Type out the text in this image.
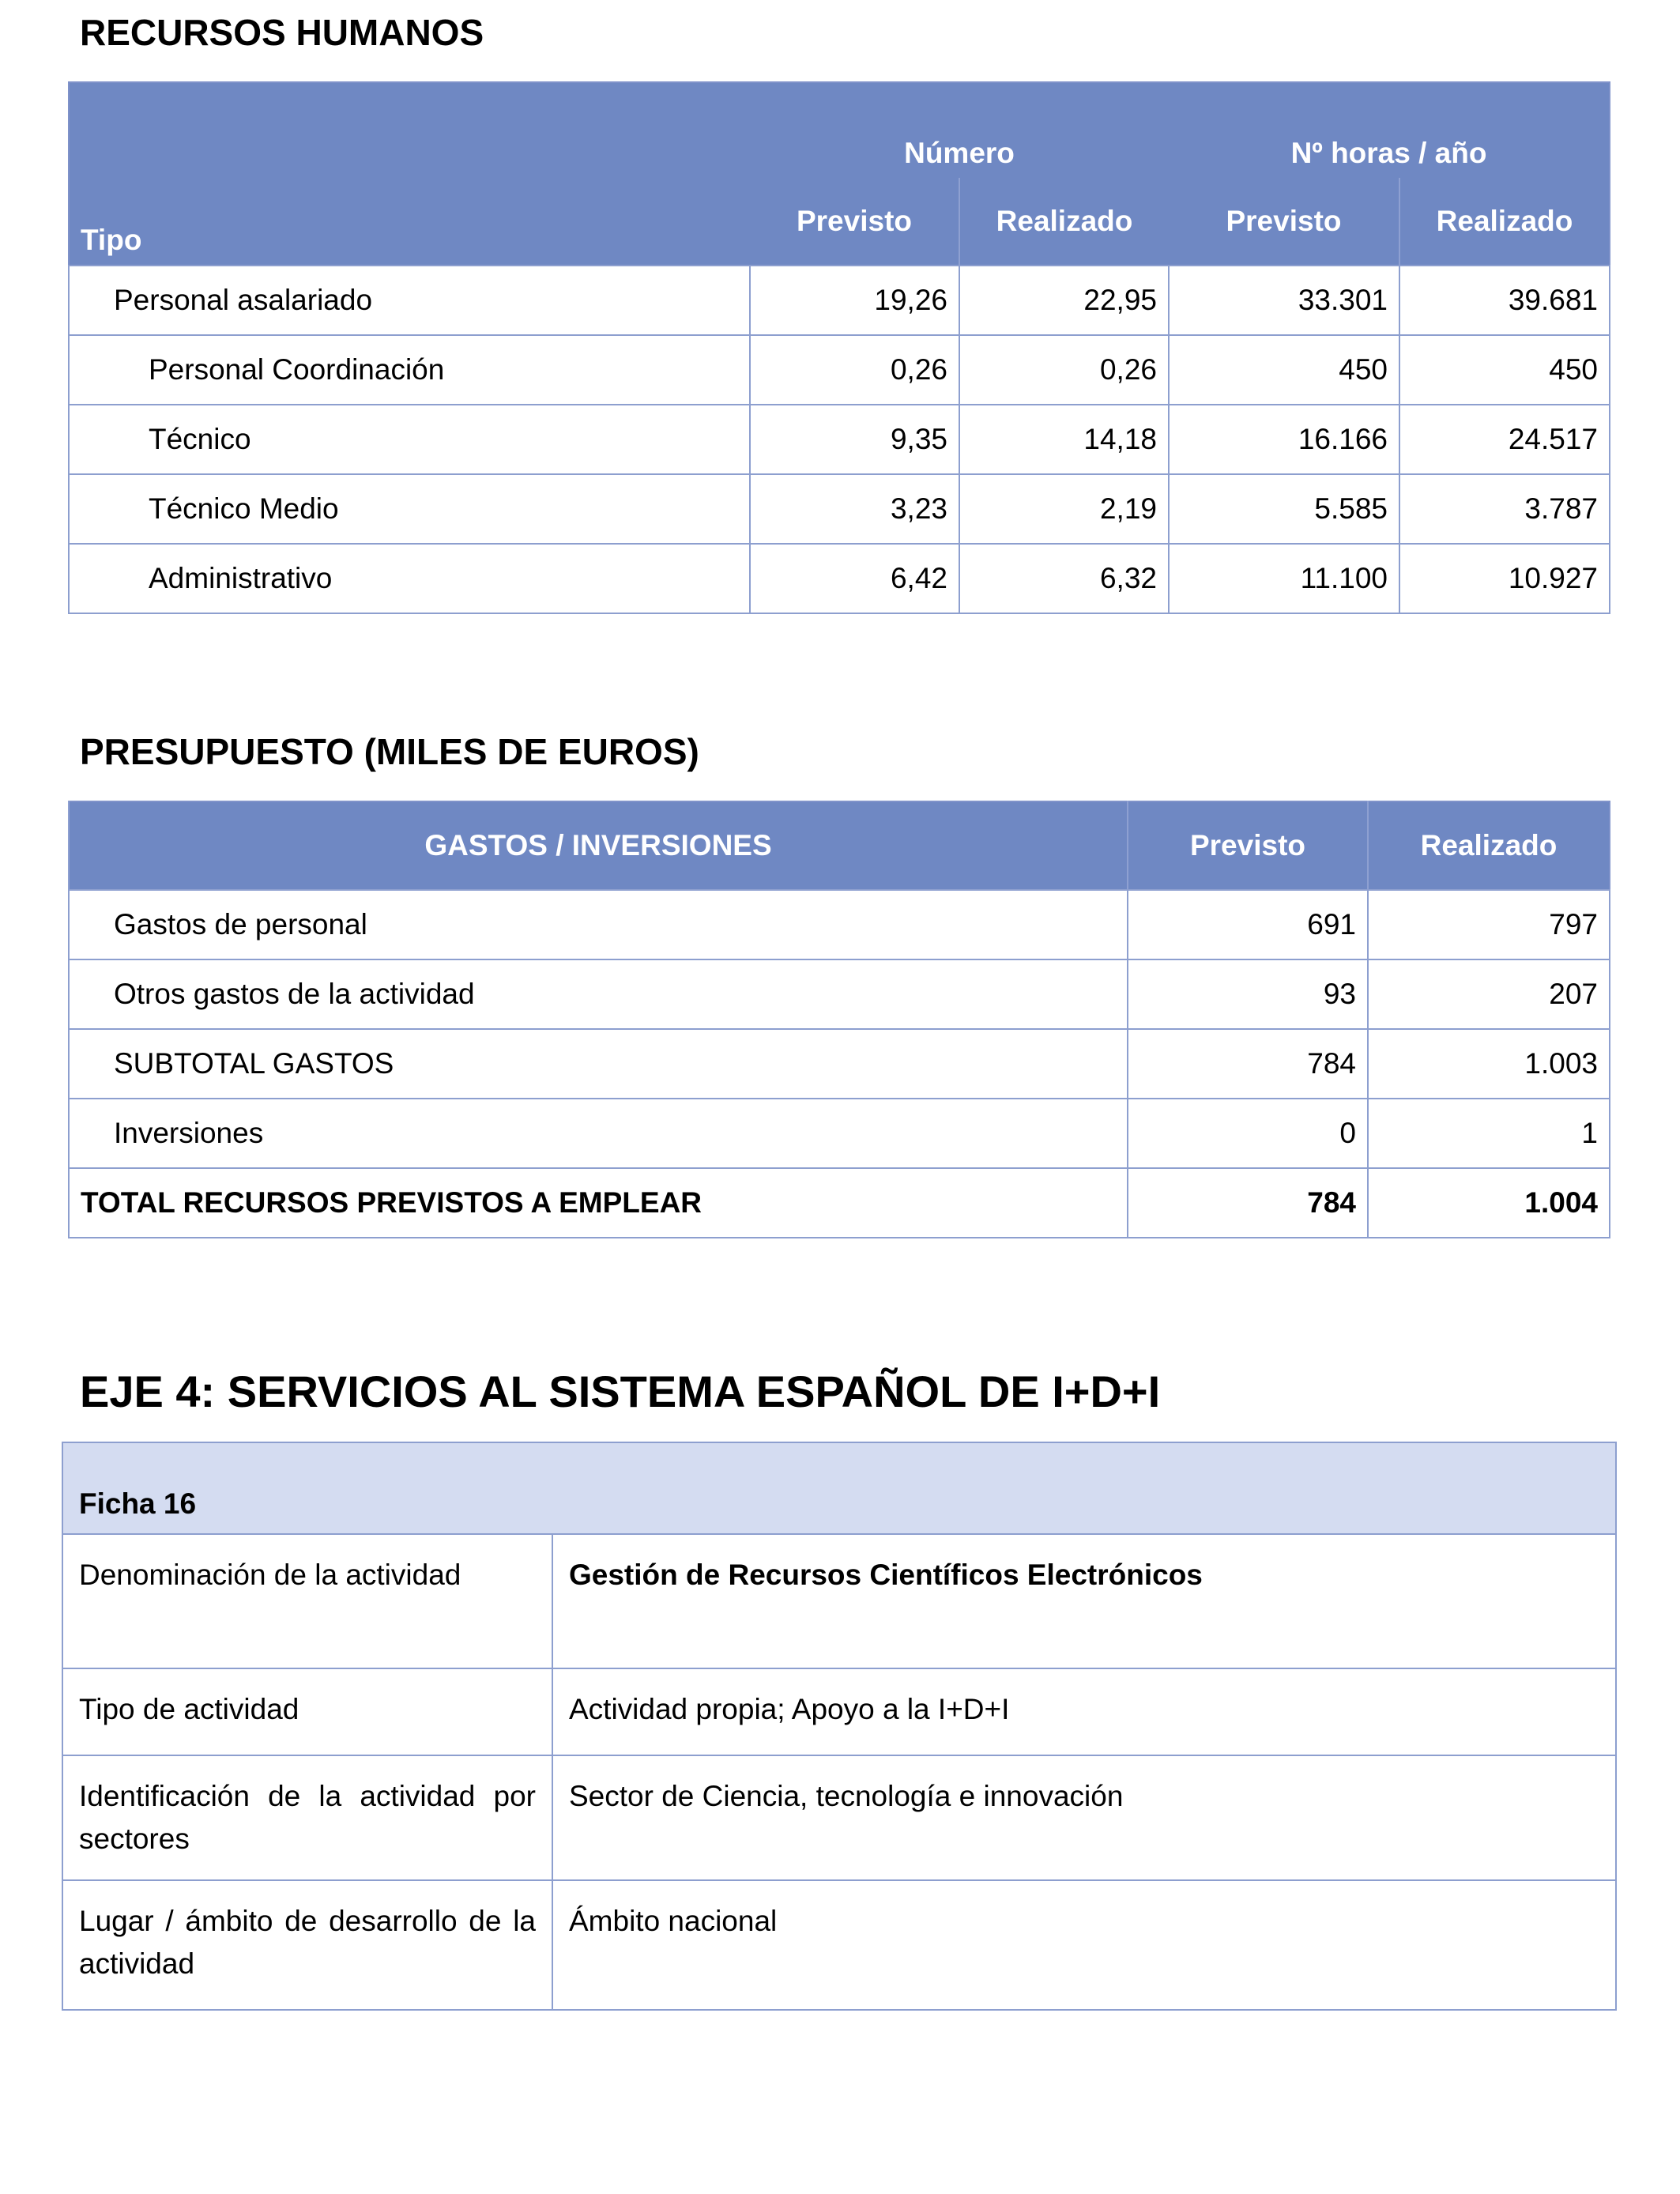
RECURSOS HUMANOS
Tipo	Número		Nº horas / año	
	Previsto	Realizado	Previsto	Realizado
Personal asalariado	19,26	22,95	33.301	39.681
Personal Coordinación	0,26	0,26	450	450
Técnico	9,35	14,18	16.166	24.517
Técnico Medio	3,23	2,19	5.585	3.787
Administrativo	6,42	6,32	11.100	10.927
PRESUPUESTO (MILES DE EUROS)
GASTOS / INVERSIONES	Previsto	Realizado
Gastos de personal	691	797
Otros gastos de la actividad	93	207
SUBTOTAL GASTOS	784	1.003
Inversiones	0	1
TOTAL RECURSOS PREVISTOS A EMPLEAR	784	1.004
EJE 4: SERVICIOS AL SISTEMA ESPAÑOL DE I+D+I
Ficha 16	
Denominación de la actividad	Gestión de Recursos Científicos Electrónicos
Tipo de actividad	Actividad propia; Apoyo a la I+D+I
Identificación de la actividad por sectores	Sector de Ciencia, tecnología e innovación
Lugar / ámbito de desarrollo de la actividad	Ámbito nacional
